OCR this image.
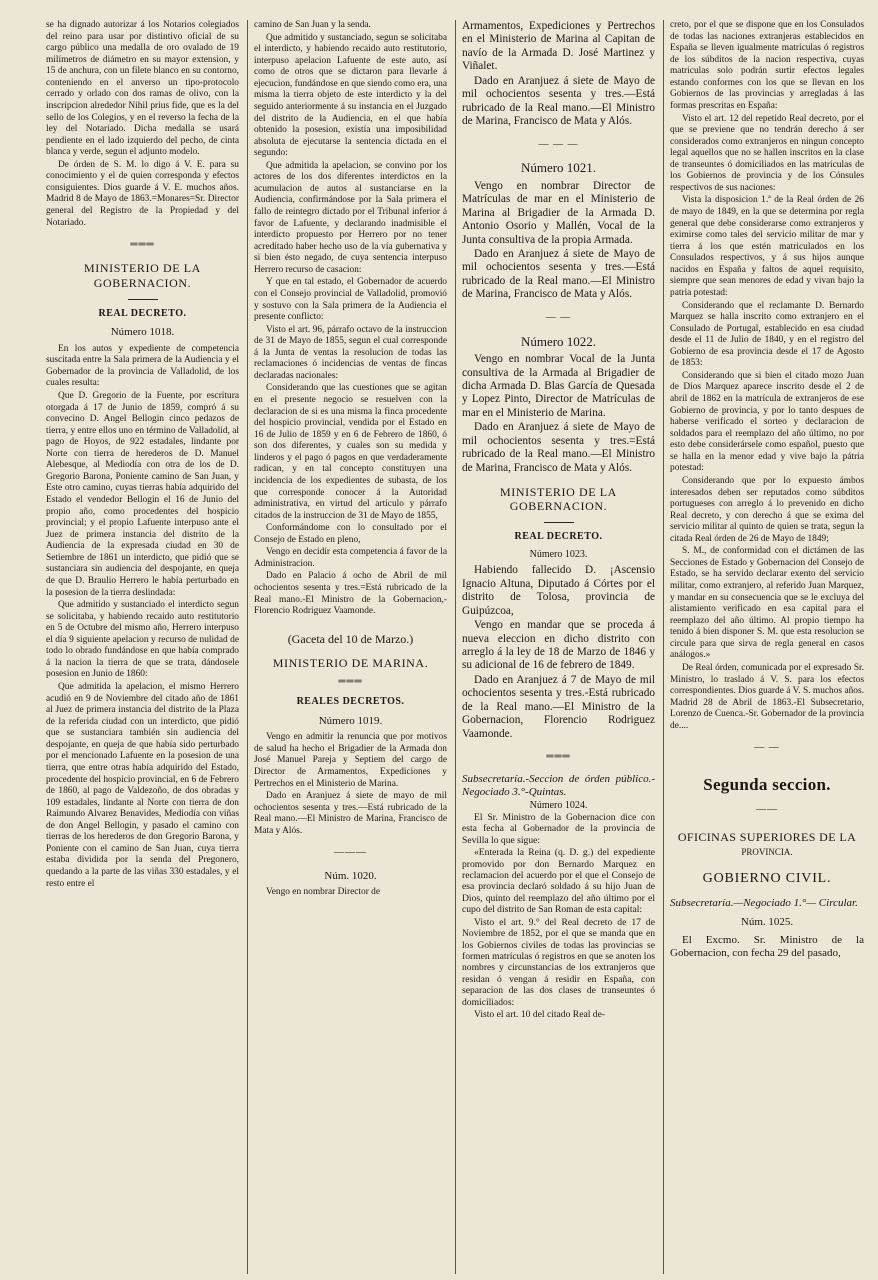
se ha dignado autorizar á los Notarios colegiados del reino para usar por distintivo oficial de su cargo público una medalla de oro ovalado de 19 milímetros de diámetro en su mayor extension, y 15 de anchura, con un filete blanco en su contorno, conteniendo en el anverso un tipo-protocolo cerrado y orlado con dos ramas de olivo, con la inscripcion alrededor Nihil prius fide, que es la del sello de los Colegios, y en el reverso la fecha de la ley del Notariado. Dicha medalla se usará pendiente en el lado izquierdo del pecho, de cinta blanca y verde, segun el adjunto modelo.

De órden de S. M. lo digo á V. E. para su conocimiento y el de quien corresponda y efectos consiguientes. Dios guarde á V. E. muchos años. Madrid 8 de Mayo de 1863.=Monares=Sr. Director general del Registro de la Propiedad y del Notariado.

═══
MINISTERIO DE LA GOBERNACION.
REAL DECRETO.
Número 1018.

En los autos y expediente de competencia suscitada entre la Sala primera de la Audiencia y el Gobernador de la provincia de Valladolid, de los cuales resulta:

Que D. Gregorio de la Fuente, por escritura otorgada á 17 de Junio de 1859, compró á su convecino D. Angel Bellogin cinco pedazos de tierra, y entre ellos uno en término de Valladolid, al pago de Hoyos, de 922 estadales, lindante por Norte con tierra de herederos de D. Manuel Alebesque, al Mediodía con otra de los de D. Gregorio Barona, Poniente camino de San Juan, y Este otro camino, cuyas tierras había adquirido del Estado el vendedor Bellogin el 16 de Junio del propio año, como procedentes del hospicio provincial; y el propio Lafuente interpuso ante el Juez de primera instancia del distrito de la Audiencia de la expresada ciudad en 30 de Setiembre de 1861 un interdicto, que pidió que se sustanciara sin audiencia del despojante, en queja de que D. Braulio Herrero le había perturbado en la posesion de la tierra deslindada:

Que admitido y sustanciado el interdicto segun se solicitaba, y habiendo recaido auto restitutorio en 5 de Octubre del mismo año, Herrero interpuso el día 9 siguiente apelacion y recurso de nulidad de todo lo obrado fundándose en que había comprado á la nacion la tierra de que se trata, dándosele posesion en Junio de 1860:

Que admitida la apelacion, el mismo Herrero acudió en 9 de Noviembre del citado año de 1861 al Juez de primera instancia del distrito de la Plaza de la referida ciudad con un interdicto, que pidió que se sustanciara también sin audiencia del despojante, en queja de que había sido perturbado por el mencionado Lafuente en la posesion de una tierra, que entre otras había adquirido del Estado, procedente del hospicio provincial, en 6 de Febrero de 1860, al pago de Valdezoño, de dos obradas y 109 estadales, lindante al Norte con tierra de don Raimundo Alvarez Benavides, Mediodía con viñas de don Angel Bellogin, y pasado el camino con tierras de los herederos de don Gregorio Barona, y Poniente con el camino de San Juan, cuya tierra estaba dividida por la senda del Pregonero, quedando a la parte de las viñas 330 estadales, y el resto entre el

camino de San Juan y la senda.

Que admitido y sustanciado, segun se solicitaba el interdicto, y habiendo recaido auto restitutorio, interpuso apelacion Lafuente de este auto, así como de otros que se dictaron para llevarle á ejecucion, fundándose en que siendo como era, una misma la tierra objeto de este interdicto y la del seguido anteriormente á su instancia en el Juzgado del distrito de la Audiencia, en el que había obtenido la posesion, existía una imposibilidad absoluta de ejecutarse la sentencia dictada en el segundo:

Que admitida la apelacion, se convino por los actores de los dos diferentes interdictos en la acumulacion de autos al sustanciarse en la Audiencia, confirmándose por la Sala primera el fallo de reintegro dictado por el Tribunal inferior á favor de Lafuente, y declarando inadmisible el interdicto propuesto por Herrero por no tener acreditado haber hecho uso de la vía gubernativa y si bien ésto negado, de cuya sentencia interpuso Herrero recurso de casacion:

Y que en tal estado, el Gobernador de acuerdo con el Consejo provincial de Valladolid, promovió y sostuvo con la Sala primera de la Audiencia el presente conflicto:

Visto el art. 96, párrafo octavo de la instruccion de 31 de Mayo de 1855, segun el cual corresponde á la Junta de ventas la resolucion de todas las reclamaciones ó incidencias de ventas de fincas declaradas nacionales:

Considerando que las cuestiones que se agitan en el presente negocio se resuelven con la declaracion de si es una misma la finca procedente del hospicio provincial, vendida por el Estado en 16 de Julio de 1859 y en 6 de Febrero de 1860, ó son dos diferentes, y cuales son su medida y linderos y el pago ó pagos en que verdaderamente radican, y en tal concepto constituyen una incidencia de los expedientes de subasta, de los que corresponde conocer á la Autoridad administrativa, en virtud del artículo y párrafo citados de la instruccion de 31 de Mayo de 1855,

Conformándome con lo consultado por el Consejo de Estado en pleno,

Vengo en decidir esta competencia á favor de la Administracion.

Dado en Palacio á ocho de Abril de mil ochocientos sesenta y tres.=Está rubricado de la Real mano.-El Ministro de la Gobernacion,-Florencio Rodriguez Vaamonde.

(Gaceta del 10 de Marzo.)
MINISTERIO DE MARINA.
═══
REALES DECRETOS.
Número 1019.

Vengo en admitir la renuncia que por motivos de salud ha hecho el Brigadier de la Armada don José Manuel Pareja y Septiem del cargo de Director de Armamentos, Expediciones y Pertrechos en el Ministerio de Marina.

Dado en Aranjuez á siete de mayo de mil ochocientos sesenta y tres.—Está rubricado de la Real mano.—El Ministro de Marina, Francisco de Mata y Alós.

———
Núm. 1020.

Vengo en nombrar Director de

Armamentos, Expediciones y Pertrechos en el Ministerio de Marina al Capitan de navío de la Armada D. José Martinez y Viñalet.

Dado en Aranjuez á siete de Mayo de mil ochocientos sesenta y tres.—Está rubricado de la Real mano.—El Ministro de Marina, Francisco de Mata y Alós.

— — —
Número 1021.

Vengo en nombrar Director de Matrículas de mar en el Ministerio de Marina al Brigadier de la Armada D. Antonio Osorio y Mallén, Vocal de la Junta consultiva de la propia Armada.

Dado en Aranjuez á siete de Mayo de mil ochocientos sesenta y tres.—Está rubricado de la Real mano.—El Ministro de Marina, Francisco de Mata y Alós.

— —
Número 1022.

Vengo en nombrar Vocal de la Junta consultiva de la Armada al Brigadier de dicha Armada D. Blas García de Quesada y Lopez Pinto, Director de Matrículas de mar en el Ministerio de Marina.

Dado en Aranjuez á siete de Mayo de mil ochocientos sesenta y tres.=Está rubricado de la Real mano.—El Ministro de Marina, Francisco de Mata y Alós.

MINISTERIO DE LA GOBERNACION.
REAL DECRETO.
Número 1023.

Habiendo fallecido D. ¡Ascensio Ignacio Altuna, Diputado á Córtes por el distrito de Tolosa, provincia de Guipúzcoa,

Vengo en mandar que se proceda á nueva eleccion en dicho distrito con arreglo á la ley de 18 de Marzo de 1846 y su adicional de 16 de febrero de 1849.

Dado en Aranjuez á 7 de Mayo de mil ochocientos sesenta y tres.-Está rubricado de la Real mano.—El Ministro de la Gobernacion, Florencio Rodriguez Vaamonde.

═══

Subsecretaría.-Seccion de órden público.-Negociado 3.°-Quintas.

Número 1024.

El Sr. Ministro de la Gobernacion dice con esta fecha al Gobernador de la provincia de Sevilla lo que sigue:

«Enterada la Reina (q. D. g.) del expediente promovido por don Bernardo Marquez en reclamacion del acuerdo por el que el Consejo de esa provincia declaró soldado á su hijo Juan de Dios, quinto del reemplazo del año último por el cupo del distrito de San Roman de esta capital:

Visto el art. 9.° del Real decreto de 17 de Noviembre de 1852, por el que se manda que en los Gobiernos civiles de todas las provincias se formen matrículas ó registros en que se anoten los nombres y circunstancias de los extranjeros que residan ó vengan á residir en España, con separacion de las dos clases de transeuntes ó domiciliados:

Visto el art. 10 del citado Real de-

creto, por el que se dispone que en los Consulados de todas las naciones extranjeras establecidos en España se lleven igualmente matrículas ó registros de los súbditos de la nacion respectiva, cuyas matrículas solo podrán surtir efectos legales estando conformes con los que se llevan en los Gobiernos de las provincias y arregladas á las formas prescritas en España:

Visto el art. 12 del repetido Real decreto, por el que se previene que no tendrán derecho á ser considerados como extranjeros en ningun concepto legal aquellos que no se hallen inscritos en la clase de transeuntes ó domiciliados en las matrículas de los Gobiernos de provincia y de los Cónsules respectivos de sus naciones:

Vista la disposicion 1.ª de la Real órden de 26 de mayo de 1849, en la que se determina por regla general que debe considerarse como extranjeros y eximirse como tales del servicio militar de mar y tierra á los que estén matriculados en los Consulados respectivos, y á sus hijos aunque nacidos en España y faltos de aquel requisito, siempre que sean menores de edad y vivan bajo la patria potestad:

Considerando que el reclamante D. Bernardo Marquez se halla inscrito como extranjero en el Consulado de Portugal, establecido en esa ciudad desde el 11 de Julio de 1840, y en el registro del Gobierno de esa provincia desde el 17 de Agosto de 1853:

Considerando que si bien el citado mozo Juan de Dios Marquez aparece inscrito desde el 2 de abril de 1862 en la matrícula de extranjeros de ese Gobierno de provincia, y por lo tanto despues de haberse verificado el sorteo y declaracion de soldados para el reemplazo del año último, no por esto debe considerársele como español, puesto que se halla en la menor edad y vive bajo la pátria potestad:

Considerando que por lo expuesto ámbos interesados deben ser reputados como súbditos portugueses con arreglo á lo prevenido en dicho Real decreto, y con derecho á que se exima del servicio militar al quinto de quien se trata, segun la citada Real órden de 26 de Mayo de 1849;

S. M., de conformidad con el dictámen de las Secciones de Estado y Gobernacion del Consejo de Estado, se ha servido declarar exento del servicio militar, como extranjero, al referido Juan Marquez, y mandar en su consecuencia que se le excluya del alistamiento verificado en esa capital para el reemplazo del año último. Al propio tiempo ha tenido á bien disponer S. M. que esta resolucion se circule para que sirva de regla general en casos análogos.»

De Real órden, comunicada por el expresado Sr. Ministro, lo traslado á V. S. para los efectos correspondientes. Dios guarde á V. S. muchos años. Madrid 28 de Abril de 1863.-El Subsecretario, Lorenzo de Cuenca.-Sr. Gobernador de la provincia de....

— —
Segunda seccion.
——
OFICINAS SUPERIORES DE LA
PROVINCIA.
GOBIERNO CIVIL.

Subsecretaría.—Negociado 1.°— Circular.

Núm. 1025.

El Excmo. Sr. Ministro de la Gobernacion, con fecha 29 del pasado,
